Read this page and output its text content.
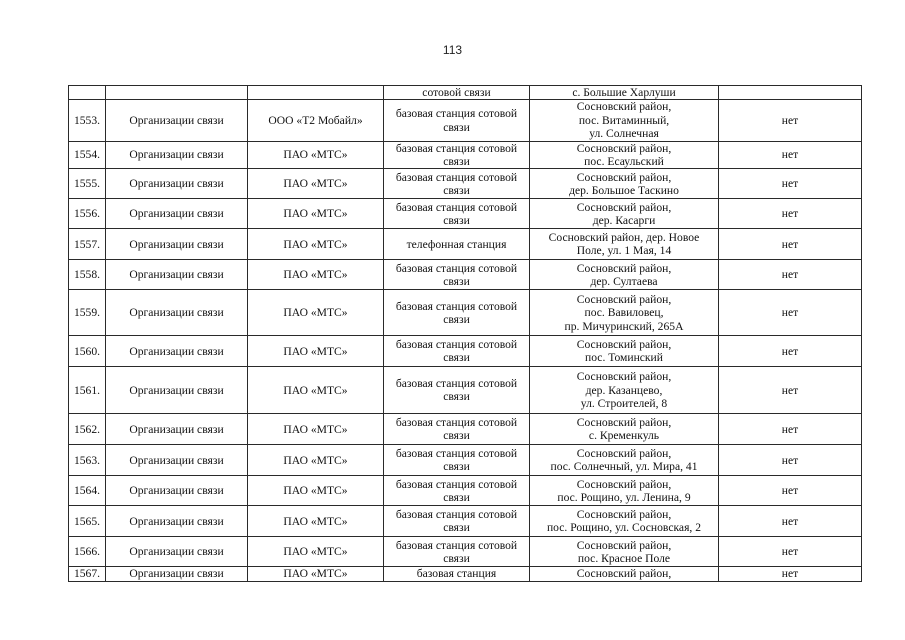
113
			сотовой связи	с. Большие Харлуши	

1553.	Организации связи	ООО «Т2 Мобайл»	базовая станция сотовой связи	Сосновский район,
пос. Витаминный,
ул. Солнечная	нет
1554.	Организации связи	ПАО «МТС»	базовая станция сотовой связи	Сосновский район,
пос. Есаульский	нет
1555.	Организации связи	ПАО «МТС»	базовая станция сотовой связи	Сосновский район,
дер. Большое Таскино	нет
1556.	Организации связи	ПАО «МТС»	базовая станция сотовой связи	Сосновский район,
дер. Касарги	нет
1557.	Организации связи	ПАО «МТС»	телефонная станция	Сосновский район, дер. Новое
Поле, ул. 1 Мая, 14	нет
1558.	Организации связи	ПАО «МТС»	базовая станция сотовой связи	Сосновский район,
дер. Султаева	нет
1559.	Организации связи	ПАО «МТС»	базовая станция сотовой связи	Сосновский район,
пос. Вавиловец,
пр. Мичуринский, 265А	нет
1560.	Организации связи	ПАО «МТС»	базовая станция сотовой связи	Сосновский район,
пос. Томинский	нет
1561.	Организации связи	ПАО «МТС»	базовая станция сотовой связи	Сосновский район,
дер. Казанцево,
ул. Строителей, 8	нет
1562.	Организации связи	ПАО «МТС»	базовая станция сотовой связи	Сосновский район,
с. Кременкуль	нет
1563.	Организации связи	ПАО «МТС»	базовая станция сотовой связи	Сосновский район,
пос. Солнечный, ул. Мира, 41	нет
1564.	Организации связи	ПАО «МТС»	базовая станция сотовой связи	Сосновский район,
пос. Рощино, ул. Ленина, 9	нет
1565.	Организации связи	ПАО «МТС»	базовая станция сотовой связи	Сосновский район,
пос. Рощино, ул. Сосновская, 2	нет
1566.	Организации связи	ПАО «МТС»	базовая станция сотовой связи	Сосновский район,
пос. Красное Поле	нет
1567.	Организации связи	ПАО «МТС»	базовая станция	Сосновский район,	нет
